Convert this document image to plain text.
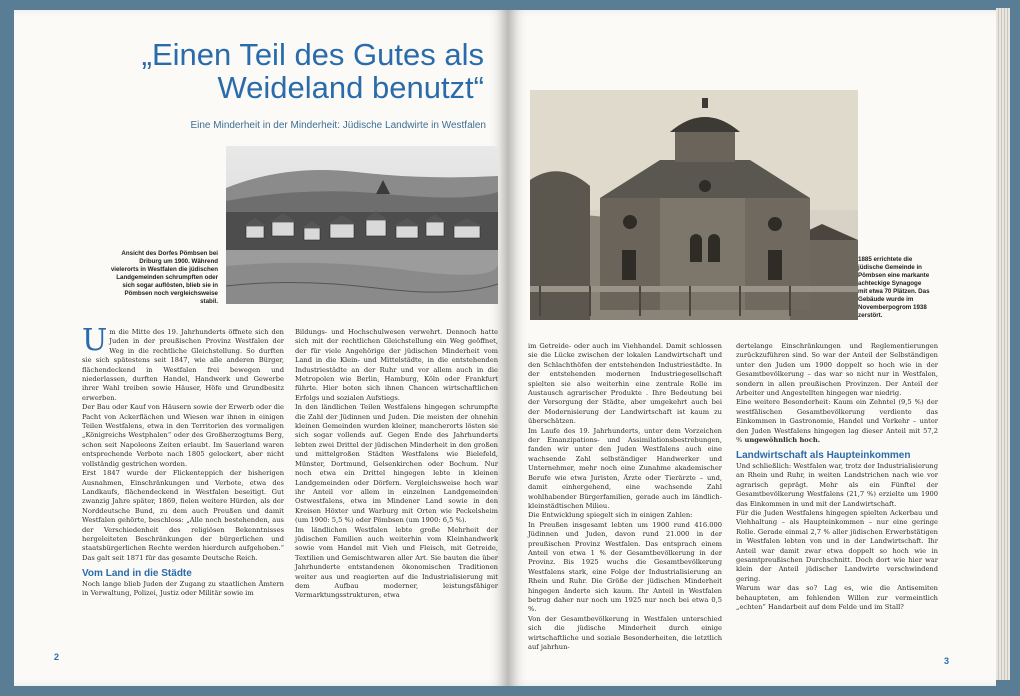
„Einen Teil des Gutes als Weideland benutzt“
Eine Minderheit in der Minderheit: Jüdische Landwirte in Westfalen
Ansicht des Dorfes Pömbsen bei Driburg um 1900. Während vielerorts in Westfalen die jüdischen Landgemeinden schrumpften oder sich sogar auflösten, blieb sie in Pömbsen noch vergleichsweise stabil.
U m die Mitte des 19. Jahrhunderts öffnete sich den Juden in der preußischen Provinz Westfalen der Weg in die rechtliche Gleichstellung. So durften sie sich spätestens seit 1847, wie alle anderen Bürger, flächendeckend in Westfalen frei bewegen und niederlassen, durften Handel, Handwerk und Gewerbe ihrer Wahl treiben sowie Häuser, Höfe und Grundbesitz erwerben.

Der Bau oder Kauf von Häusern sowie der Erwerb oder die Pacht von Ackerflächen und Wiesen war ihnen in einigen Teilen Westfalens, etwa in den Territorien des vormaligen „Königreichs Westphalen“ oder des Großherzogtums Berg, schon seit Napoleons Zeiten erlaubt. Im Sauerland waren entsprechende Verbote nach 1805 gelockert, aber nicht vollständig gestrichen worden.

Erst 1847 wurde der Flickenteppich der bisherigen Ausnahmen, Einschränkungen und Verbote, etwa des Landkaufs, flächendeckend in Westfalen beseitigt. Gut zwanzig Jahre später, 1869, fielen weitere Hürden, als der Norddeutsche Bund, zu dem auch Preußen und damit Westfalen gehörte, beschloss: „Alle noch bestehenden, aus der Verschiedenheit des religiösen Bekenntnisses hergeleiteten Beschränkungen der bürgerlichen und staatsbürgerlichen Rechte werden hierdurch aufgehoben.“ Das galt seit 1871 für das gesamte Deutsche Reich.

Vom Land in die Städte

Noch lange blieb Juden der Zugang zu staatlichen Ämtern in Verwaltung, Polizei, Justiz oder Militär sowie im

Bildungs- und Hochschulwesen verwehrt. Dennoch hatte sich mit der rechtlichen Gleichstellung ein Weg geöffnet, der für viele Angehörige der jüdischen Minderheit vom Land in die Klein- und Mittelstädte, in die entstehenden Industriestädte an der Ruhr und vor allem auch in die Metropolen wie Berlin, Hamburg, Köln oder Frankfurt führte. Hier boten sich ihnen Chancen wirtschaftlichen Erfolgs und sozialen Aufstiegs.

In den ländlichen Teilen Westfalens hingegen schrumpfte die Zahl der Jüdinnen und Juden. Die meisten der ohnehin kleinen Gemeinden wurden kleiner, mancherorts lösten sie sich sogar vollends auf. Gegen Ende des Jahrhunderts lebten zwei Drittel der jüdischen Minderheit in den großen und mittelgroßen Städten Westfalens wie Bielefeld, Münster, Dortmund, Gelsenkirchen oder Bochum. Nur noch etwa ein Drittel hingegen lebte in kleinen Landgemeinden oder Dörfern. Vergleichsweise hoch war ihr Anteil vor allem in einzelnen Landgemeinden Ostwestfalens, etwa im Mindener Land sowie in den Kreisen Höxter und Warburg mit Orten wie Peckelsheim (um 1900: 5,5 %) oder Pömbsen (um 1900: 6,5 %).

Im ländlichen Westfalen lebte große Mehrheit der jüdischen Familien auch weiterhin vom Kleinhandwerk sowie vom Handel mit Vieh und Fleisch, mit Getreide, Textilien und Gemischtwaren aller Art. Sie bauten die über Jahrhunderte entstandenen ökonomischen Traditionen weiter aus und reagierten auf die Industrialisierung mit dem Aufbau moderner, leistungsfähiger Vermarktungsstrukturen, etwa

2
1885 errichtete die jüdische Gemeinde in Pömbsen eine markante achteckige Synagoge mit etwa 70 Plätzen. Das Gebäude wurde im Novemberpogrom 1938 zerstört.

im Getreide- oder auch im Viehhandel. Damit schlossen sie die Lücke zwischen der lokalen Landwirtschaft und den Schlachthöfen der entstehenden Industriestädte. In der entstehenden modernen Industriegesellschaft spielten sie also weiterhin eine zentrale Rolle im Austausch agrarischer Produkte . Ihre Bedeutung bei der Versorgung der Städte, aber umgekehrt auch bei der Modernisierung der Landwirtschaft ist kaum zu überschätzen.

Im Laufe des 19. Jahrhunderts, unter dem Vorzeichen der Emanzipations- und Assimilationsbestrebungen, fanden wir unter den Juden Westfalens auch eine wachsende Zahl selbständiger Handwerker und Unternehmer, mehr noch eine Zunahme akademischer Berufe wie etwa Juristen, Ärzte oder Tierärzte – und, damit einhergehend, eine wachsende Zahl wohlhabender Bürgerfamilien, gerade auch im ländlich-kleinstädtischen Milieu.

Die Entwicklung spiegelt sich in einigen Zahlen:

In Preußen insgesamt lebten um 1900 rund 416.000 Jüdinnen und Juden, davon rund 21.000 in der preußischen Provinz Westfalen. Das entsprach einem Anteil von etwa 1 % der Gesamtbevölkerung in der Provinz. Bis 1925 wuchs die Gesamtbevölkerung Westfalens stark, eine Folge der Industrialisierung an Rhein und Ruhr. Die Größe der jüdischen Minderheit hingegen änderte sich kaum. Ihr Anteil in Westfalen betrug daher nur noch um 1925 nur noch bei etwa 0,5 %.

Von der Gesamtbevölkerung in Westfalen unterschied sich die jüdische Minderheit durch einige wirtschaftliche und soziale Besonderheiten, die letztlich auf jahrhun-

dertelange Einschränkungen und Reglementierungen zurückzuführen sind. So war der Anteil der Selbständigen unter den Juden um 1900 doppelt so hoch wie in der Gesamtbevölkerung – das war so nicht nur in Westfalen, sondern in allen preußischen Provinzen. Der Anteil der Arbeiter und Angestellten hingegen war niedrig.

Eine weitere Besonderheit: Kaum ein Zehntel (9,5 %) der westfälischen Gesamtbevölkerung verdiente das Einkommen in Gastronomie, Handel und Verkehr – unter den Juden Westfalens hingegen lag dieser Anteil mit 57,2 % ungewöhnlich hoch.

Landwirtschaft als Haupteinkommen

Und schließlich: Westfalen war, trotz der Industrialisierung an Rhein und Ruhr, in weiten Landstrichen nach wie vor agrarisch geprägt. Mehr als ein Fünftel der Gesamtbevölkerung Westfalens (21,7 %) erzielte um 1900 das Einkommen in und mit der Landwirtschaft.

Für die Juden Westfalens hingegen spielten Ackerbau und Viehhaltung – als Haupteinkommen – nur eine geringe Rolle. Gerade einmal 2,7 % aller jüdischen Erwerbstätigen in Westfalen lebten von und in der Landwirtschaft. Ihr Anteil war damit zwar etwa doppelt so hoch wie in gesamtpreußischen Durchschnitt. Doch dort wie hier war klein der Anteil jüdischer Landwirte verschwindend gering.

Warum war das so? Lag es, wie die Antisemiten behaupteten, am fehlenden Willen zur vermeintlich „echten“ Handarbeit auf dem Felde und im Stall?

3
